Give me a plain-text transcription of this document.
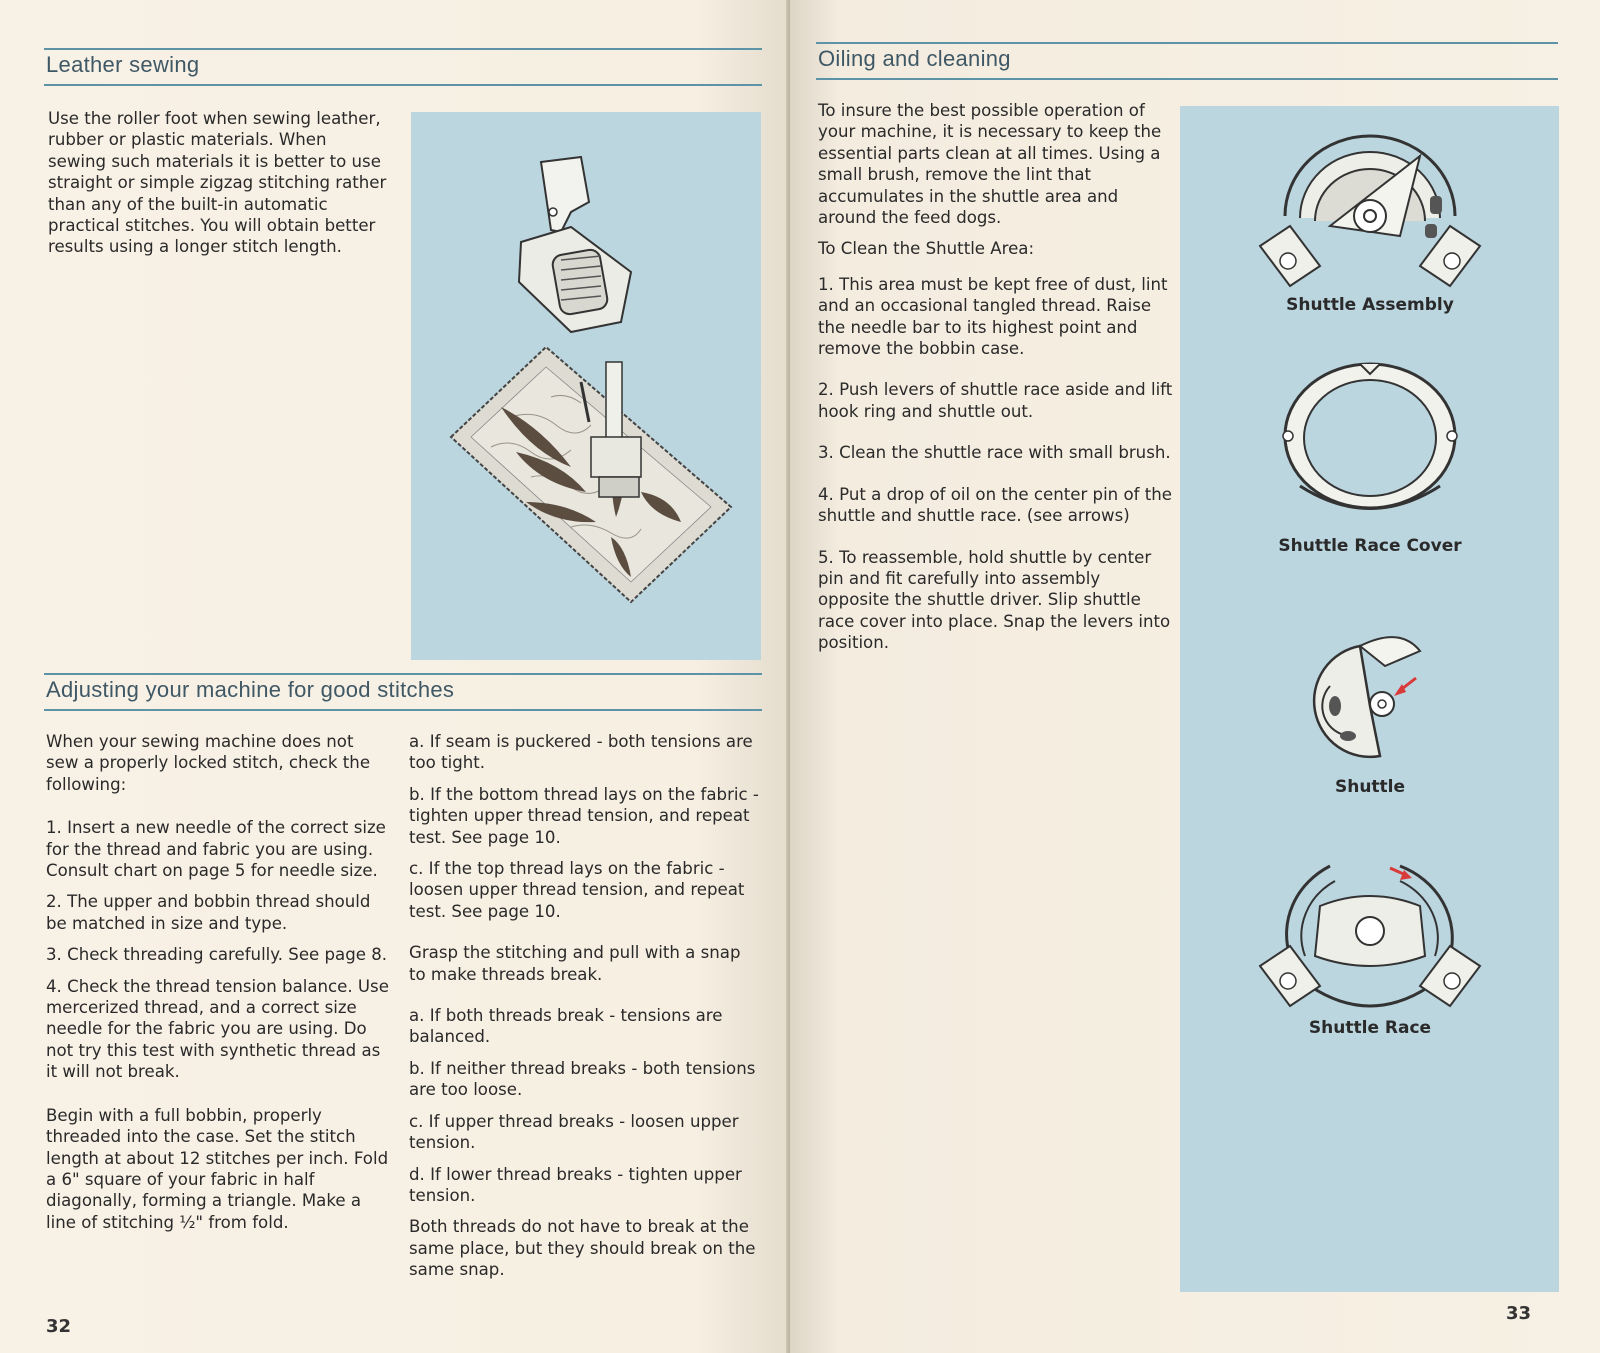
Leather sewing

Use the roller foot when sewing leather, rubber or plastic materials. When sewing such materials it is better to use straight or simple zigzag stitching rather than any of the built-in automatic practical stitches. You will obtain better results using a longer stitch length.

Adjusting your machine for good stitches

When your sewing machine does not sew a properly locked stitch, check the following:

1. Insert a new needle of the correct size for the thread and fabric you are using. Consult chart on page 5 for needle size.

2. The upper and bobbin thread should be matched in size and type.

3. Check threading carefully. See page 8.

4. Check the thread tension balance. Use mercerized thread, and a correct size needle for the fabric you are using. Do not try this test with synthetic thread as it will not break.

Begin with a full bobbin, properly threaded into the case. Set the stitch length at about 12 stitches per inch. Fold a 6" square of your fabric in half diagonally, forming a triangle. Make a line of stitching ½" from fold.

a. If seam is puckered - both tensions are too tight.

b. If the bottom thread lays on the fabric - tighten upper thread tension, and repeat test. See page 10.

c. If the top thread lays on the fabric - loosen upper thread tension, and repeat test. See page 10.

Grasp the stitching and pull with a snap to make threads break.

a. If both threads break - tensions are balanced.

b. If neither thread breaks - both tensions are too loose.

c. If upper thread breaks - loosen upper tension.

d. If lower thread breaks - tighten upper tension.

Both threads do not have to break at the same place, but they should break on the same snap.

32
Oiling and cleaning

To insure the best possible operation of your machine, it is necessary to keep the essential parts clean at all times. Using a small brush, remove the lint that accumulates in the shuttle area and around the feed dogs.

To Clean the Shuttle Area:

1. This area must be kept free of dust, lint and an occasional tangled thread. Raise the needle bar to its highest point and remove the bobbin case.

2. Push levers of shuttle race aside and lift hook ring and shuttle out.

3. Clean the shuttle race with small brush.

4. Put a drop of oil on the center pin of the shuttle and shuttle race. (see arrows)

5. To reassemble, hold shuttle by center pin and fit carefully into assembly opposite the shuttle driver. Slip shuttle race cover into place. Snap the levers into position.

Shuttle Assembly
Shuttle Race Cover
Shuttle
Shuttle Race
33
